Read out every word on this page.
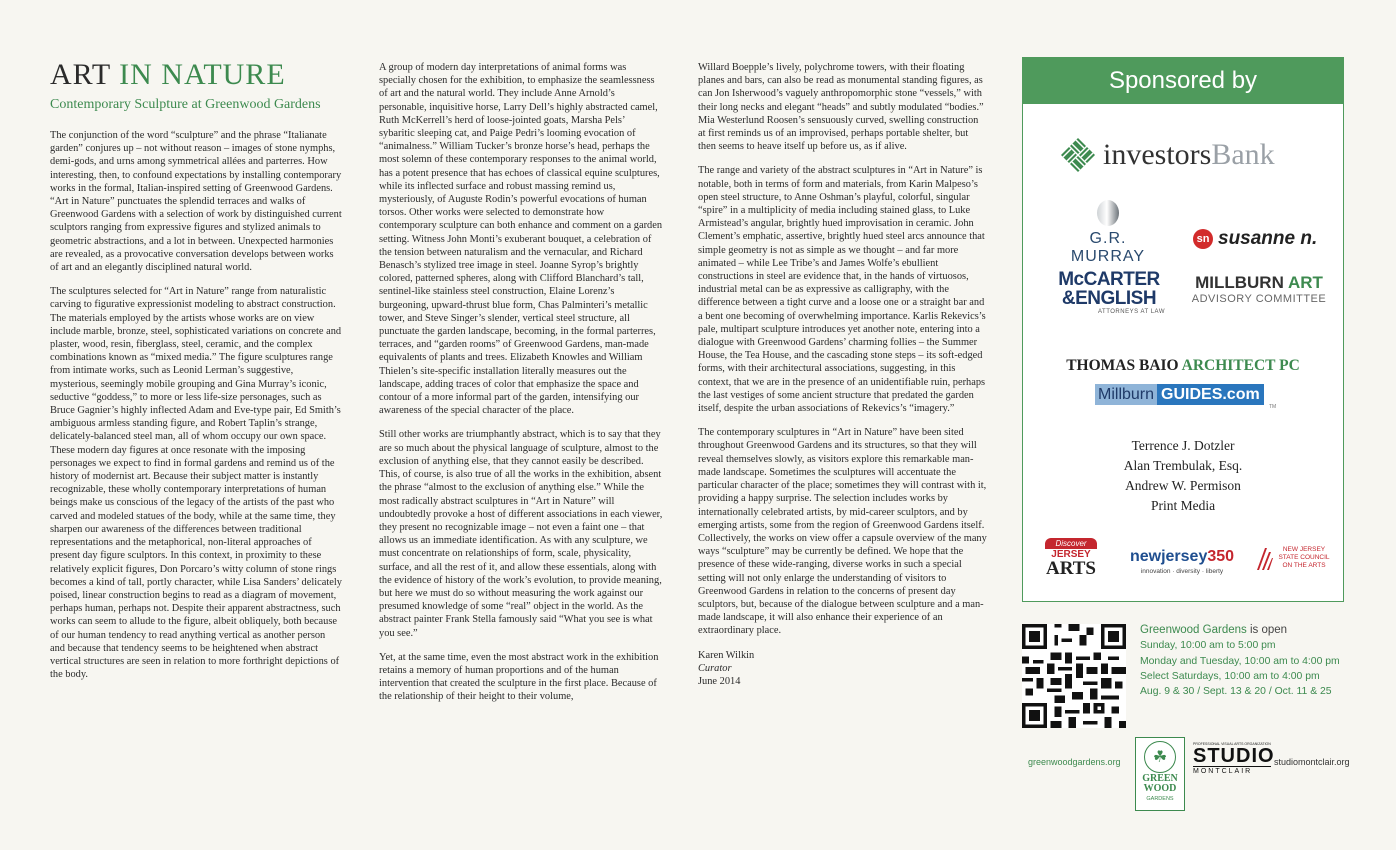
ART IN NATURE
Contemporary Sculpture at Greenwood Gardens

The conjunction of the word “sculpture” and the phrase “Italianate garden” conjures up – not without reason – images of stone nymphs, demi-gods, and urns among symmetrical allées and parterres. How interesting, then, to confound expectations by installing contemporary works in the formal, Italian-inspired setting of Greenwood Gardens. “Art in Nature” punctuates the splendid terraces and walks of Greenwood Gardens with a selection of work by distinguished current sculptors ranging from expressive figures and stylized animals to geometric abstractions, and a lot in between. Unexpected harmonies are revealed, as a provocative conversation develops between works of art and an elegantly disciplined natural world.

The sculptures selected for “Art in Nature” range from naturalistic carving to figurative expressionist modeling to abstract construction. The materials employed by the artists whose works are on view include marble, bronze, steel, sophisticated variations on concrete and plaster, wood, resin, fiberglass, steel, ceramic, and the complex combinations known as “mixed media.” The figure sculptures range from intimate works, such as Leonid Lerman’s suggestive, mysterious, seemingly mobile grouping and Gina Murray’s iconic, seductive “goddess,” to more or less life-size personages, such as Bruce Gagnier’s highly inflected Adam and Eve-type pair, Ed Smith’s ambiguous armless standing figure, and Robert Taplin’s strange, delicately-balanced steel man, all of whom occupy our own space. These modern day figures at once resonate with the imposing personages we expect to find in formal gardens and remind us of the history of modernist art. Because their subject matter is instantly recognizable, these wholly contemporary interpretations of human beings make us conscious of the legacy of the artists of the past who carved and modeled statues of the body, while at the same time, they sharpen our awareness of the differences between traditional representations and the metaphorical, non-literal approaches of present day figure sculptors. In this context, in proximity to these relatively explicit figures, Don Porcaro’s witty column of stone rings becomes a kind of tall, portly character, while Lisa Sanders’ delicately poised, linear construction begins to read as a diagram of movement, perhaps human, perhaps not. Despite their apparent abstractness, such works can seem to allude to the figure, albeit obliquely, both because of our human tendency to read anything vertical as another person and because that tendency seems to be heightened when abstract vertical structures are seen in relation to more forthright depictions of the body.

A group of modern day interpretations of animal forms was specially chosen for the exhibition, to emphasize the seamlessness of art and the natural world. They include Anne Arnold’s personable, inquisitive horse, Larry Dell’s highly abstracted camel, Ruth McKerrell’s herd of loose-jointed goats, Marsha Pels’ sybaritic sleeping cat, and Paige Pedri’s looming evocation of “animalness.” William Tucker’s bronze horse’s head, perhaps the most solemn of these contemporary responses to the animal world, has a potent presence that has echoes of classical equine sculptures, while its inflected surface and robust massing remind us, mysteriously, of Auguste Rodin’s powerful evocations of human torsos. Other works were selected to demonstrate how contemporary sculpture can both enhance and comment on a garden setting. Witness John Monti’s exuberant bouquet, a celebration of the tension between naturalism and the vernacular, and Richard Benasch’s stylized tree image in steel. Joanne Syrop’s brightly colored, patterned spheres, along with Clifford Blanchard’s tall, sentinel-like stainless steel construction, Elaine Lorenz’s burgeoning, upward-thrust blue form, Chas Palminteri’s metallic tower, and Steve Singer’s slender, vertical steel structure, all punctuate the garden landscape, becoming, in the formal parterres, terraces, and “garden rooms” of Greenwood Gardens, man-made equivalents of plants and trees. Elizabeth Knowles and William Thielen’s site-specific installation literally measures out the landscape, adding traces of color that emphasize the space and contour of a more informal part of the garden, intensifying our awareness of the special character of the place.

Still other works are triumphantly abstract, which is to say that they are so much about the physical language of sculpture, almost to the exclusion of anything else, that they cannot easily be described. This, of course, is also true of all the works in the exhibition, absent the phrase “almost to the exclusion of anything else.” While the most radically abstract sculptures in “Art in Nature” will undoubtedly provoke a host of different associations in each viewer, they present no recognizable image – not even a faint one – that allows us an immediate identification. As with any sculpture, we must concentrate on relationships of form, scale, physicality, surface, and all the rest of it, and allow these essentials, along with the evidence of history of the work’s evolution, to provide meaning, but here we must do so without measuring the work against our presumed knowledge of some “real” object in the world. As the abstract painter Frank Stella famously said “What you see is what you see.”

Yet, at the same time, even the most abstract work in the exhibition retains a memory of human proportions and of the human intervention that created the sculpture in the first place. Because of the relationship of their height to their volume,

Willard Boepple’s lively, polychrome towers, with their floating planes and bars, can also be read as monumental standing figures, as can Jon Isherwood’s vaguely anthropomorphic stone “vessels,” with their long necks and elegant “heads” and subtly modulated “bodies.” Mia Westerlund Roosen’s sensuously curved, swelling construction at first reminds us of an improvised, perhaps portable shelter, but then seems to heave itself up before us, as if alive.

The range and variety of the abstract sculptures in “Art in Nature” is notable, both in terms of form and materials, from Karin Malpeso’s open steel structure, to Anne Oshman’s playful, colorful, singular “spire” in a multiplicity of media including stained glass, to Luke Armistead’s angular, brightly hued improvisation in ceramic. John Clement’s emphatic, assertive, brightly hued steel arcs announce that simple geometry is not as simple as we thought – and far more animated – while Lee Tribe’s and James Wolfe’s ebullient constructions in steel are evidence that, in the hands of virtuosos, industrial metal can be as expressive as calligraphy, with the difference between a tight curve and a loose one or a straight bar and a bent one becoming of overwhelming importance. Karlis Rekevics’s pale, multipart sculpture introduces yet another note, entering into a dialogue with Greenwood Gardens’ charming follies – the Summer House, the Tea House, and the cascading stone steps – its soft-edged forms, with their architectural associations, suggesting, in this context, that we are in the presence of an unidentifiable ruin, perhaps the last vestiges of some ancient structure that predated the garden itself, despite the urban associations of Rekevics’s “imagery.”

The contemporary sculptures in “Art in Nature” have been sited throughout Greenwood Gardens and its structures, so that they will reveal themselves slowly, as visitors explore this remarkable man-made landscape. Sometimes the sculptures will accentuate the particular character of the place; sometimes they will contrast with it, providing a happy surprise. The selection includes works by internationally celebrated artists, by mid-career sculptors, and by emerging artists, some from the region of Greenwood Gardens itself. Collectively, the works on view offer a capsule overview of the many ways “sculpture” may be currently be defined. We hope that the presence of these wide-ranging, diverse works in such a special setting will not only enlarge the understanding of visitors to Greenwood Gardens in relation to the concerns of present day sculptors, but, because of the dialogue between sculpture and a man-made landscape, it will also enhance their experience of an extraordinary place.

Karen Wilkin
Curator
June 2014
Sponsored by
investorsBank
G.R. MURRAY
sn susanne n.
McCARTER
&ENGLISH
ATTORNEYS AT LAW
MILLBURN ART
ADVISORY COMMITTEE
THOMAS BAIO ARCHITECT PC
Millburn GUIDES.com
TM
Terrence J. Dotzler
Alan Trembulak, Esq.
Andrew W. Permison
Print Media
Discover
JERSEY
ARTS
newjersey350
innovation · diversity · liberty
NEW JERSEY STATE COUNCIL ON THE ARTS
Greenwood Gardens is open
Sunday, 10:00 am to 5:00 pm
Monday and Tuesday, 10:00 am to 4:00 pm
Select Saturdays, 10:00 am to 4:00 pm
Aug. 9 & 30 / Sept. 13 & 20 / Oct. 11 & 25
greenwoodgardens.org	☘
GREEN
WOOD
GARDENS
PROFESSIONAL VISUAL ARTS ORGANIZATION
STUDIO
MONTCLAIR
studiomontclair.org
